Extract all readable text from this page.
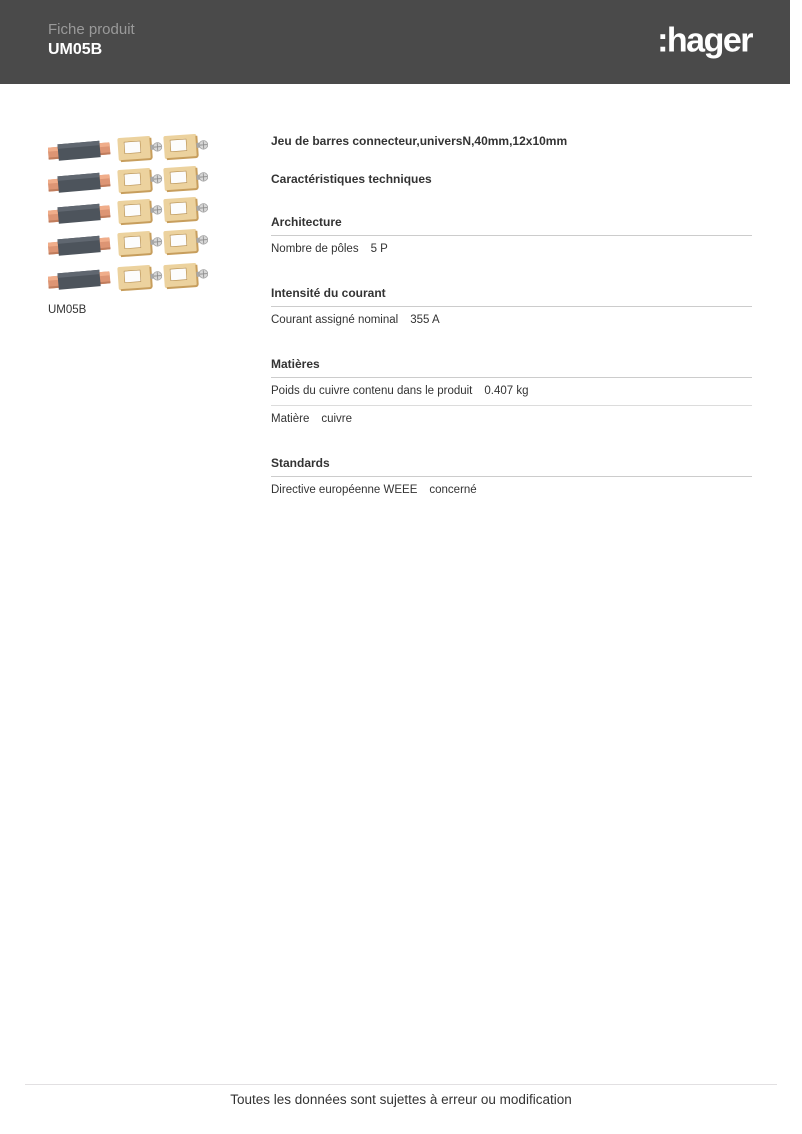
Fiche produit
UM05B	:hager
UM05B
Jeu de barres connecteur,universN,40mm,12x10mm
Caractéristiques techniques
Architecture
Nombre de pôles 5 P
Intensité du courant
Courant assigné nominal 355 A
Matières
Poids du cuivre contenu dans le produit 0.407 kg
Matière cuivre
Standards
Directive européenne WEEE concerné
Toutes les données sont sujettes à erreur ou modification
